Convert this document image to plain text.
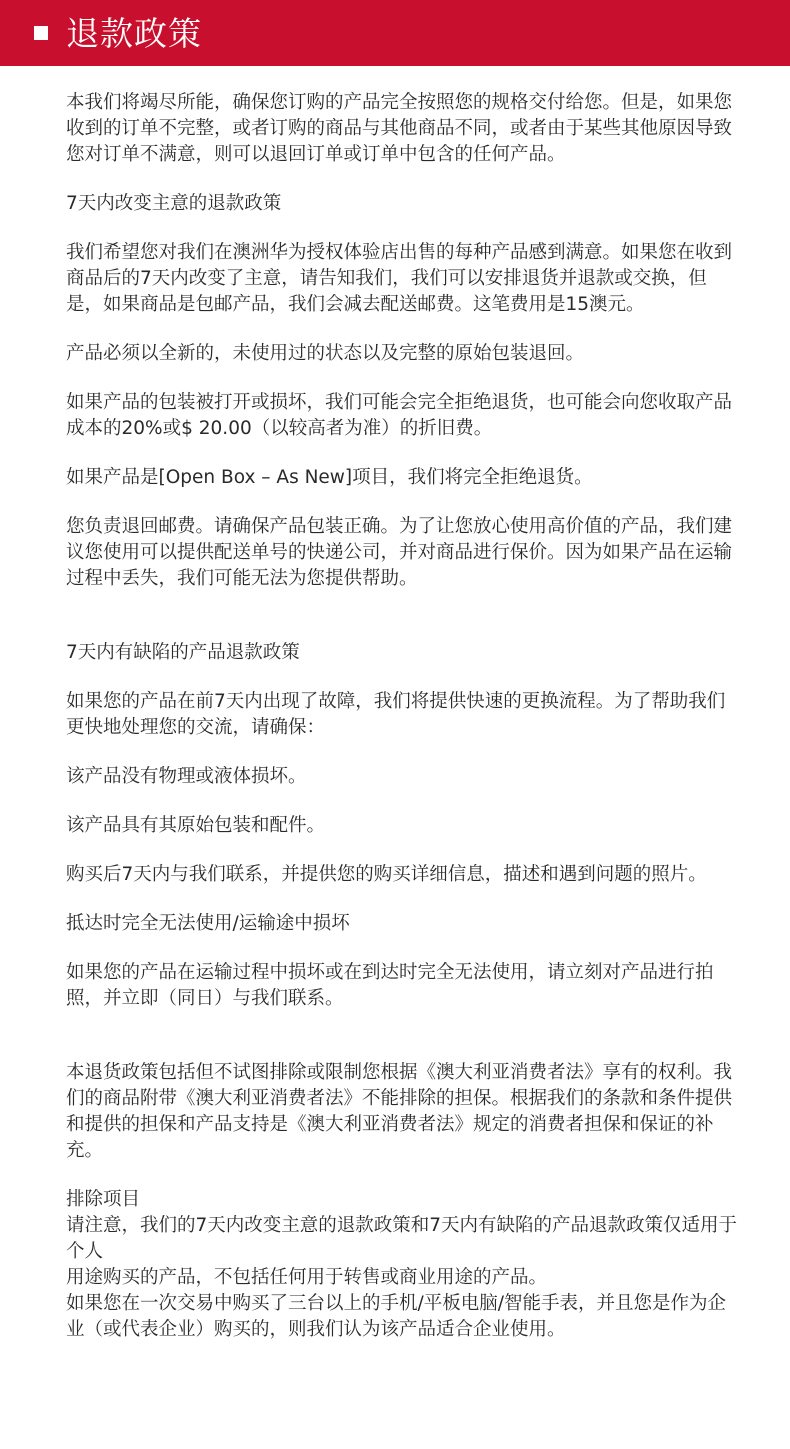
退款政策

本我们将竭尽所能，确保您订购的产品完全按照您的规格交付给您。但是，如果您收到的订单不完整，或者订购的商品与其他商品不同，或者由于某些其他原因导致您对订单不满意，则可以退回订单或订单中包含的任何产品。

7天内改变主意的退款政策

我们希望您对我们在澳洲华为授权体验店出售的每种产品感到满意。如果您在收到商品后的7天内改变了主意，请告知我们，我们可以安排退货并退款或交换，但是，如果商品是包邮产品，我们会减去配送邮费。这笔费用是15澳元。

产品必须以全新的，未使用过的状态以及完整的原始包装退回。

如果产品的包装被打开或损坏，我们可能会完全拒绝退货，也可能会向您收取产品成本的20%或$ 20.00（以较高者为准）的折旧费。

如果产品是[Open Box – As New]项目，我们将完全拒绝退货。

您负责退回邮费。请确保产品包装正确。为了让您放心使用高价值的产品，我们建议您使用可以提供配送单号的快递公司，并对商品进行保价。因为如果产品在运输过程中丢失，我们可能无法为您提供帮助。

7天内有缺陷的产品退款政策

如果您的产品在前7天内出现了故障，我们将提供快速的更换流程。为了帮助我们更快地处理您的交流，请确保：

该产品没有物理或液体损坏。

该产品具有其原始包装和配件。

购买后7天内与我们联系，并提供您的购买详细信息，描述和遇到问题的照片。

抵达时完全无法使用/运输途中损坏

如果您的产品在运输过程中损坏或在到达时完全无法使用，请立刻对产品进行拍照，并立即（同日）与我们联系。

本退货政策包括但不试图排除或限制您根据《澳大利亚消费者法》享有的权利。我们的商品附带《澳大利亚消费者法》不能排除的担保。根据我们的条款和条件提供和提供的担保和产品支持是《澳大利亚消费者法》规定的消费者担保和保证的补充。

排除项目
请注意，我们的7天内改变主意的退款政策和7天内有缺陷的产品退款政策仅适用于个人
用途购买的产品，不包括任何用于转售或商业用途的产品。
如果您在一次交易中购买了三台以上的手机/平板电脑/智能手表，并且您是作为企业（或代表企业）购买的，则我们认为该产品适合企业使用。
